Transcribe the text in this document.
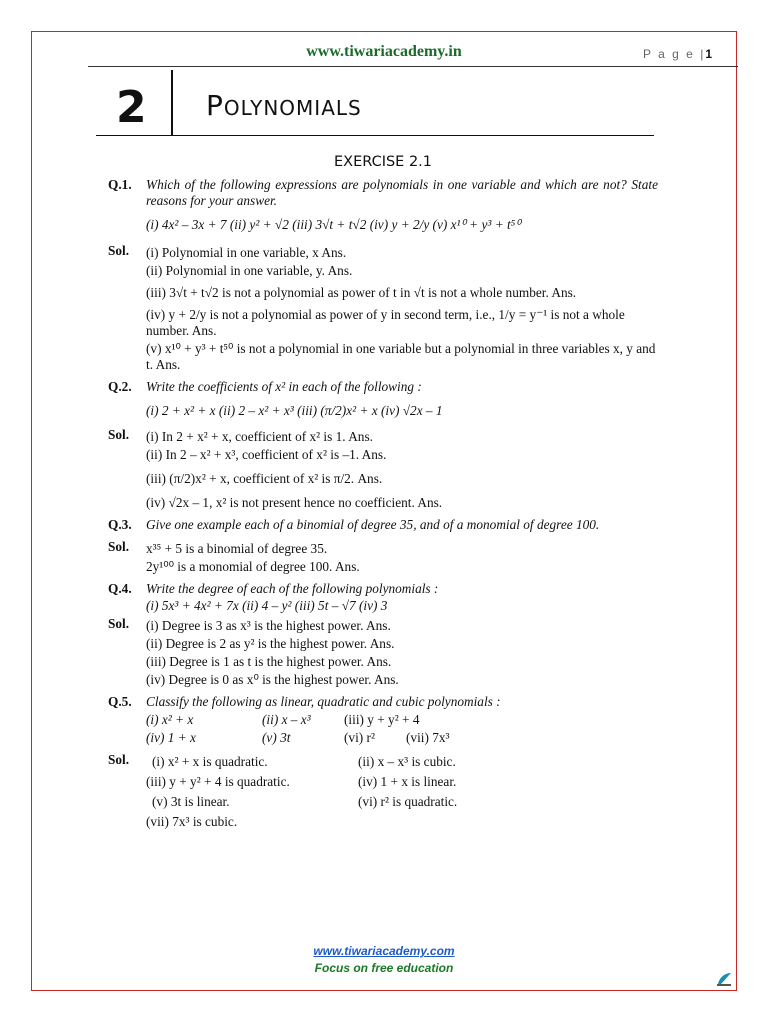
www.tiwariacademy.in	P a g e |1
2 Polynomials
EXERCISE 2.1
Q.1.	Which of the following expressions are polynomials in one variable and which are not? State reasons for your answer.
(i) 4x² – 3x + 7 (ii) y² + √2 (iii) 3√t + t√2 (iv) y + 2/y (v) x¹⁰ + y³ + t⁵⁰
Sol.	(i) Polynomial in one variable, x Ans.
(ii) Polynomial in one variable, y. Ans.
(iii) 3√t + t√2 is not a polynomial as power of t in √t is not a whole number. Ans.
(iv) y + 2/y is not a polynomial as power of y in second term, i.e., 1/y = y⁻¹ is not a whole number. Ans.
(v) x¹⁰ + y³ + t⁵⁰ is not a polynomial in one variable but a polynomial in three variables x, y and t. Ans.
Q.2.	Write the coefficients of x² in each of the following :
(i) 2 + x² + x (ii) 2 – x² + x³ (iii) (π/2)x² + x (iv) √2x – 1
Sol.	(i) In 2 + x² + x, coefficient of x² is 1. Ans.
(ii) In 2 – x² + x³, coefficient of x² is –1. Ans.
(iii) (π/2)x² + x, coefficient of x² is π/2. Ans.
(iv) √2x – 1, x² is not present hence no coefficient. Ans.
Q.3.	Give one example each of a binomial of degree 35, and of a monomial of degree 100.
Sol.	x³⁵ + 5 is a binomial of degree 35.
2y¹⁰⁰ is a monomial of degree 100. Ans.
Q.4.	Write the degree of each of the following polynomials :
(i) 5x³ + 4x² + 7x (ii) 4 – y² (iii) 5t – √7 (iv) 3
Sol.	(i) Degree is 3 as x³ is the highest power. Ans.
(ii) Degree is 2 as y² is the highest power. Ans.
(iii) Degree is 1 as t is the highest power. Ans.
(iv) Degree is 0 as x⁰ is the highest power. Ans.
Q.5.	Classify the following as linear, quadratic and cubic polynomials :
(i) x² + x	(ii) x – x³	(iii) y + y² + 4
(iv) 1 + x	(v) 3t	(vi) r²	(vii) 7x³
Sol.	(i) x² + x is quadratic.	(ii) x – x³ is cubic.
(iii) y + y² + 4 is quadratic.	(iv) 1 + x is linear.
(v) 3t is linear.	(vi) r² is quadratic.
(vii) 7x³ is cubic.
www.tiwariacademy.com
Focus on free education
